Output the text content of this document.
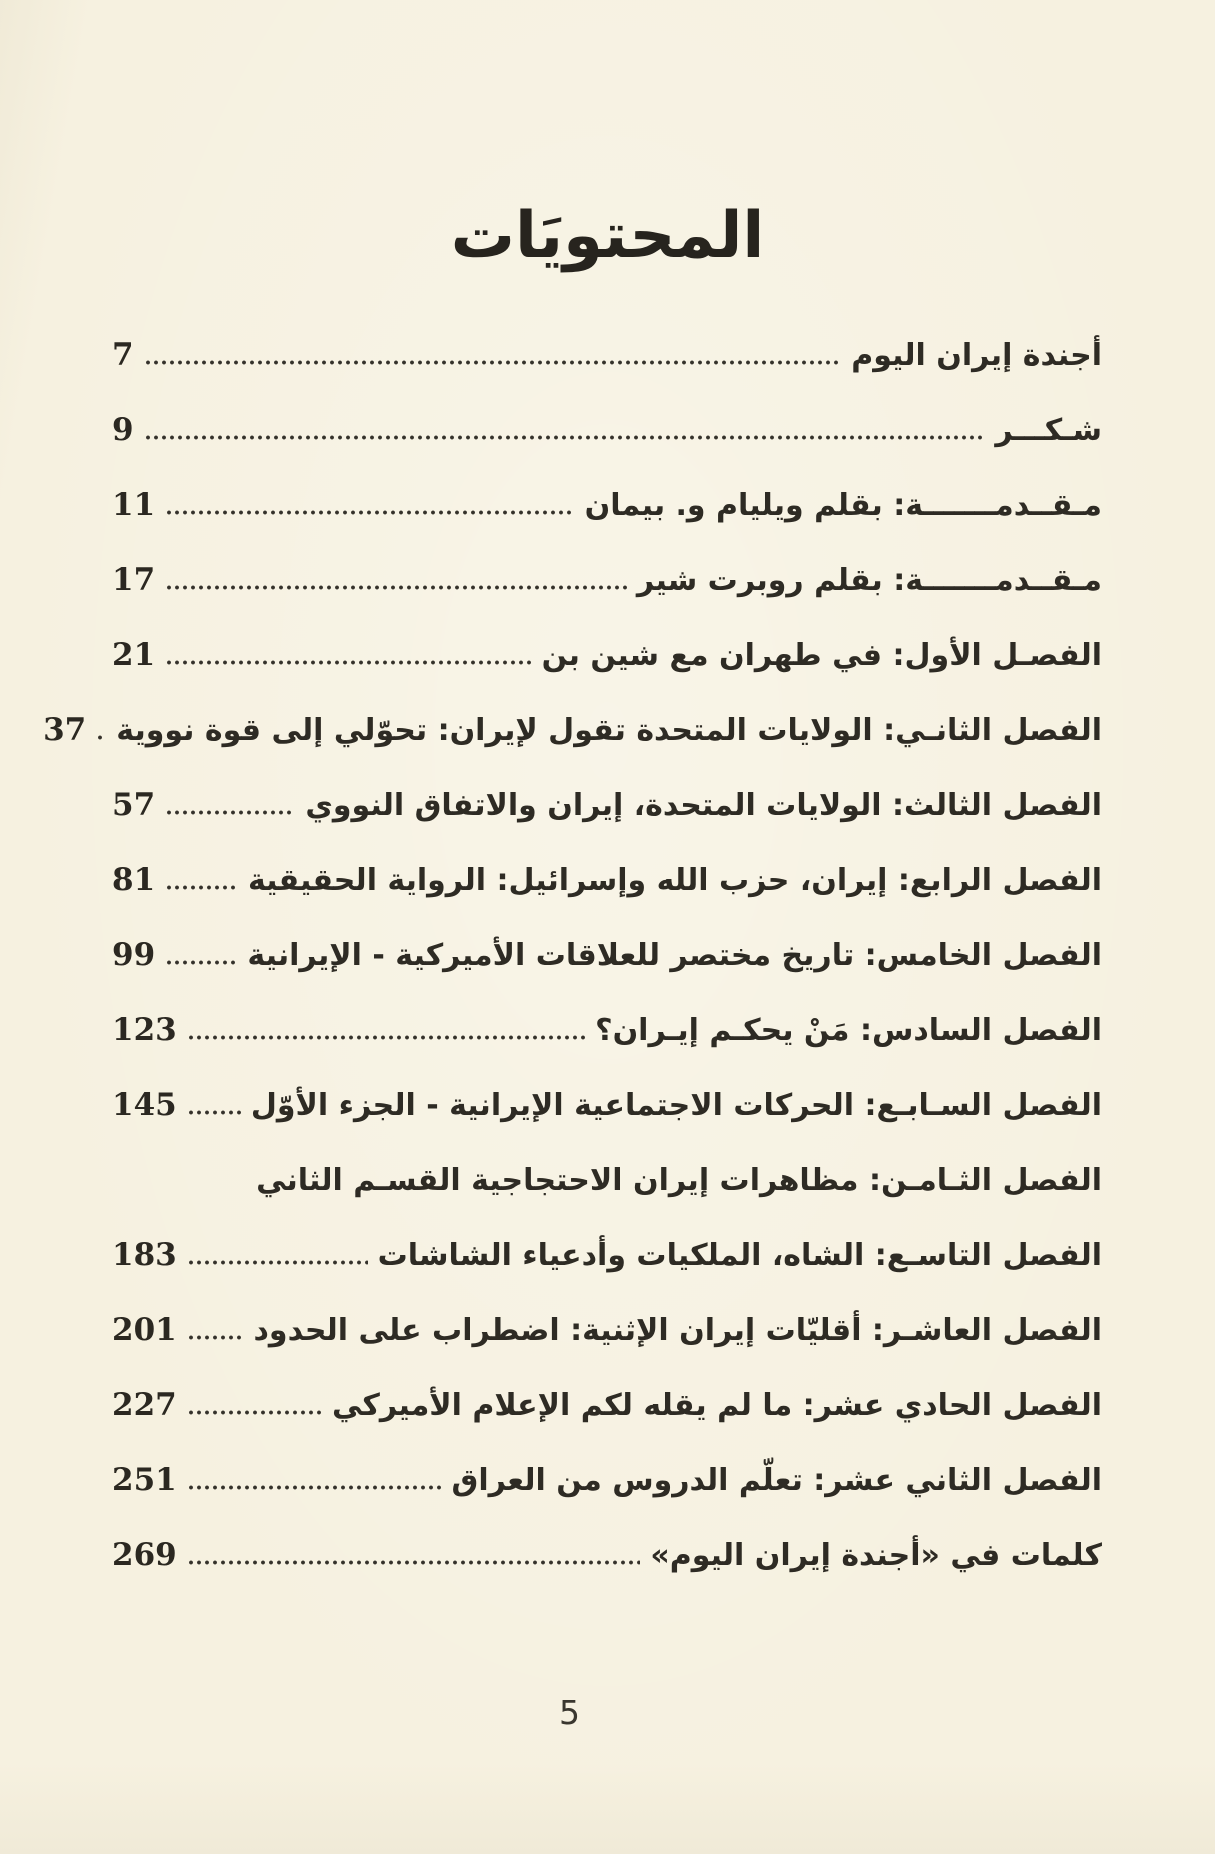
المحتويَات
أجندة إيران اليوم
7
شـكـــر
9
مـقــدمـــــــة: بقلم ويليام و. بيمان
11
مـقــدمـــــــة: بقلم روبرت شير
17
الفصـل الأول: في طهران مع شين بن
21
الفصل الثانـي: الولايات المتحدة تقول لإيران: تحوّلي إلى قوة نووية
37
الفصل الثالث: الولايات المتحدة، إيران والاتفاق النووي
57
الفصل الرابع: إيران، حزب الله وإسرائيل: الرواية الحقيقية
81
الفصل الخامس: تاريخ مختصر للعلاقات الأميركية - الإيرانية
99
الفصل السادس: مَنْ يحكـم إيـران؟
123
الفصل السـابـع: الحركات الاجتماعية الإيرانية - الجزء الأوّل
145
الفصل الثـامـن: مظاهرات إيران الاحتجاجية القسـم الثاني
الفصل التاسـع: الشاه، الملكيات وأدعياء الشاشات
183
الفصل العاشـر: أقليّات إيران الإثنية: اضطراب على الحدود
201
الفصل الحادي عشر: ما لم يقله لكم الإعلام الأميركي
227
الفصل الثاني عشر: تعلّم الدروس من العراق
251
كلمات في «أجندة إيران اليوم»
269
5
